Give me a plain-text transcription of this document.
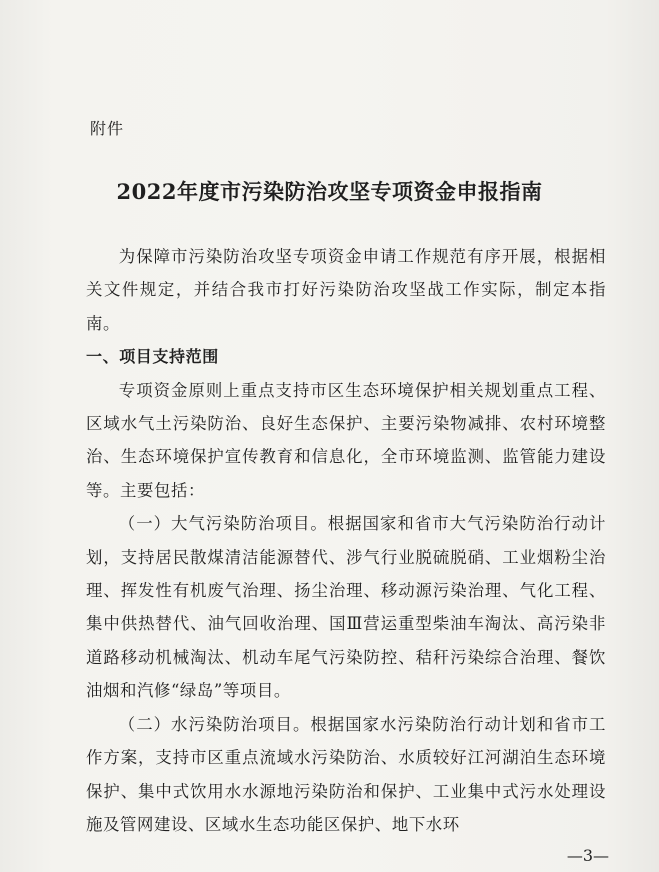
附件
2022年度市污染防治攻坚专项资金申报指南

为保障市污染防治攻坚专项资金申请工作规范有序开展，根据相关文件规定，并结合我市打好污染防治攻坚战工作实际，制定本指南。

一、项目支持范围

专项资金原则上重点支持市区生态环境保护相关规划重点工程、区域水气土污染防治、良好生态保护、主要污染物减排、农村环境整治、生态环境保护宣传教育和信息化，全市环境监测、监管能力建设等。主要包括：

（一）大气污染防治项目。根据国家和省市大气污染防治行动计划，支持居民散煤清洁能源替代、涉气行业脱硫脱硝、工业烟粉尘治理、挥发性有机废气治理、扬尘治理、移动源污染治理、气化工程、集中供热替代、油气回收治理、国Ⅲ营运重型柴油车淘汰、高污染非道路移动机械淘汰、机动车尾气污染防控、秸秆污染综合治理、餐饮油烟和汽修“绿岛”等项目。

（二）水污染防治项目。根据国家水污染防治行动计划和省市工作方案，支持市区重点流域水污染防治、水质较好江河湖泊生态环境保护、集中式饮用水水源地污染防治和保护、工业集中式污水处理设施及管网建设、区域水生态功能区保护、地下水环

—3—
